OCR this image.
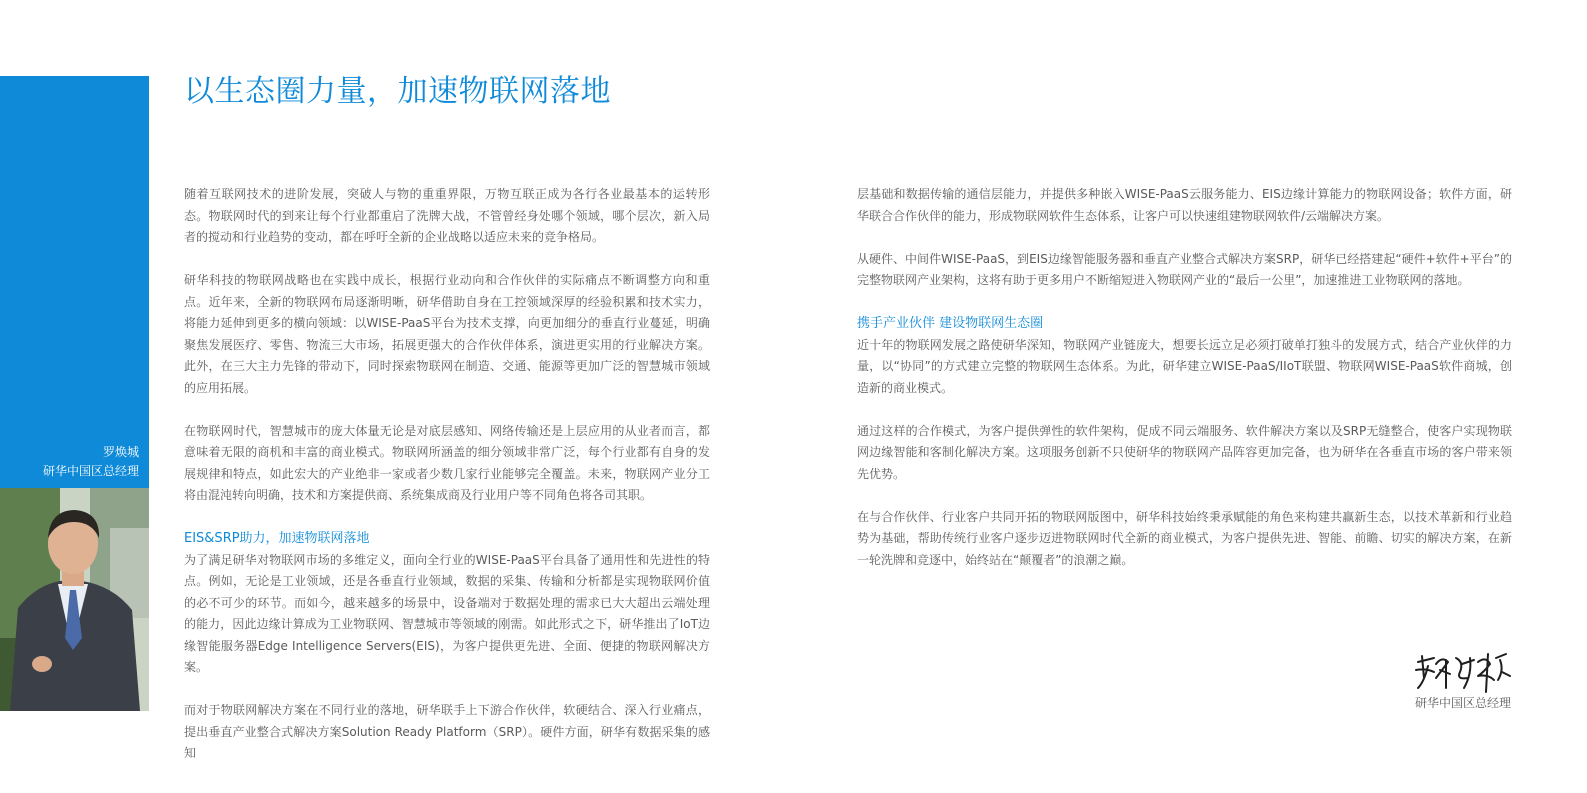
罗焕城
研华中国区总经理
以生态圈力量，加速物联网落地

随着互联网技术的进阶发展，突破人与物的重重界限，万物互联正成为各行各业最基本的运转形态。物联网时代的到来让每个行业都重启了洗牌大战，不管曾经身处哪个领域，哪个层次，新入局者的搅动和行业趋势的变动，都在呼吁全新的企业战略以适应未来的竞争格局。

研华科技的物联网战略也在实践中成长，根据行业动向和合作伙伴的实际痛点不断调整方向和重点。近年来，全新的物联网布局逐渐明晰，研华借助自身在工控领域深厚的经验积累和技术实力，将能力延伸到更多的横向领域：以WISE-PaaS平台为技术支撑，向更加细分的垂直行业蔓延，明确聚焦发展医疗、零售、物流三大市场，拓展更强大的合作伙伴体系，演进更实用的行业解决方案。此外，在三大主力先锋的带动下，同时探索物联网在制造、交通、能源等更加广泛的智慧城市领域的应用拓展。

在物联网时代，智慧城市的庞大体量无论是对底层感知、网络传输还是上层应用的从业者而言，都意味着无限的商机和丰富的商业模式。物联网所涵盖的细分领域非常广泛，每个行业都有自身的发展规律和特点，如此宏大的产业绝非一家或者少数几家行业能够完全覆盖。未来，物联网产业分工将由混沌转向明确，技术和方案提供商、系统集成商及行业用户等不同角色将各司其职。

EIS&SRP助力，加速物联网落地

为了满足研华对物联网市场的多维定义，面向全行业的WISE-PaaS平台具备了通用性和先进性的特点。例如，无论是工业领域，还是各垂直行业领域，数据的采集、传输和分析都是实现物联网价值的必不可少的环节。而如今，越来越多的场景中，设备端对于数据处理的需求已大大超出云端处理的能力，因此边缘计算成为工业物联网、智慧城市等领域的刚需。如此形式之下，研华推出了IoT边缘智能服务器Edge Intelligence Servers(EIS)，为客户提供更先进、全面、便捷的物联网解决方案。

而对于物联网解决方案在不同行业的落地，研华联手上下游合作伙伴，软硬结合、深入行业痛点，提出垂直产业整合式解决方案Solution Ready Platform（SRP）。硬件方面，研华有数据采集的感知

层基础和数据传输的通信层能力，并提供多种嵌入WISE-PaaS云服务能力、EIS边缘计算能力的物联网设备；软件方面，研华联合合作伙伴的能力，形成物联网软件生态体系，让客户可以快速组建物联网软件/云端解决方案。

从硬件、中间件WISE-PaaS，到EIS边缘智能服务器和垂直产业整合式解决方案SRP，研华已经搭建起“硬件+软件+平台”的完整物联网产业架构，这将有助于更多用户不断缩短进入物联网产业的“最后一公里”，加速推进工业物联网的落地。

携手产业伙伴 建设物联网生态圈

近十年的物联网发展之路使研华深知，物联网产业链庞大，想要长远立足必须打破单打独斗的发展方式，结合产业伙伴的力量，以“协同”的方式建立完整的物联网生态体系。为此，研华建立WISE-PaaS/IIoT联盟、物联网WISE-PaaS软件商城，创造新的商业模式。

通过这样的合作模式，为客户提供弹性的软件架构，促成不同云端服务、软件解决方案以及SRP无缝整合，使客户实现物联网边缘智能和客制化解决方案。这项服务创新不只使研华的物联网产品阵容更加完备，也为研华在各垂直市场的客户带来领先优势。

在与合作伙伴、行业客户共同开拓的物联网版图中，研华科技始终秉承赋能的角色来构建共赢新生态，以技术革新和行业趋势为基础，帮助传统行业客户逐步迈进物联网时代全新的商业模式，为客户提供先进、智能、前瞻、切实的解决方案，在新一轮洗牌和竞逐中，始终站在“颠覆者”的浪潮之巅。

研华中国区总经理
